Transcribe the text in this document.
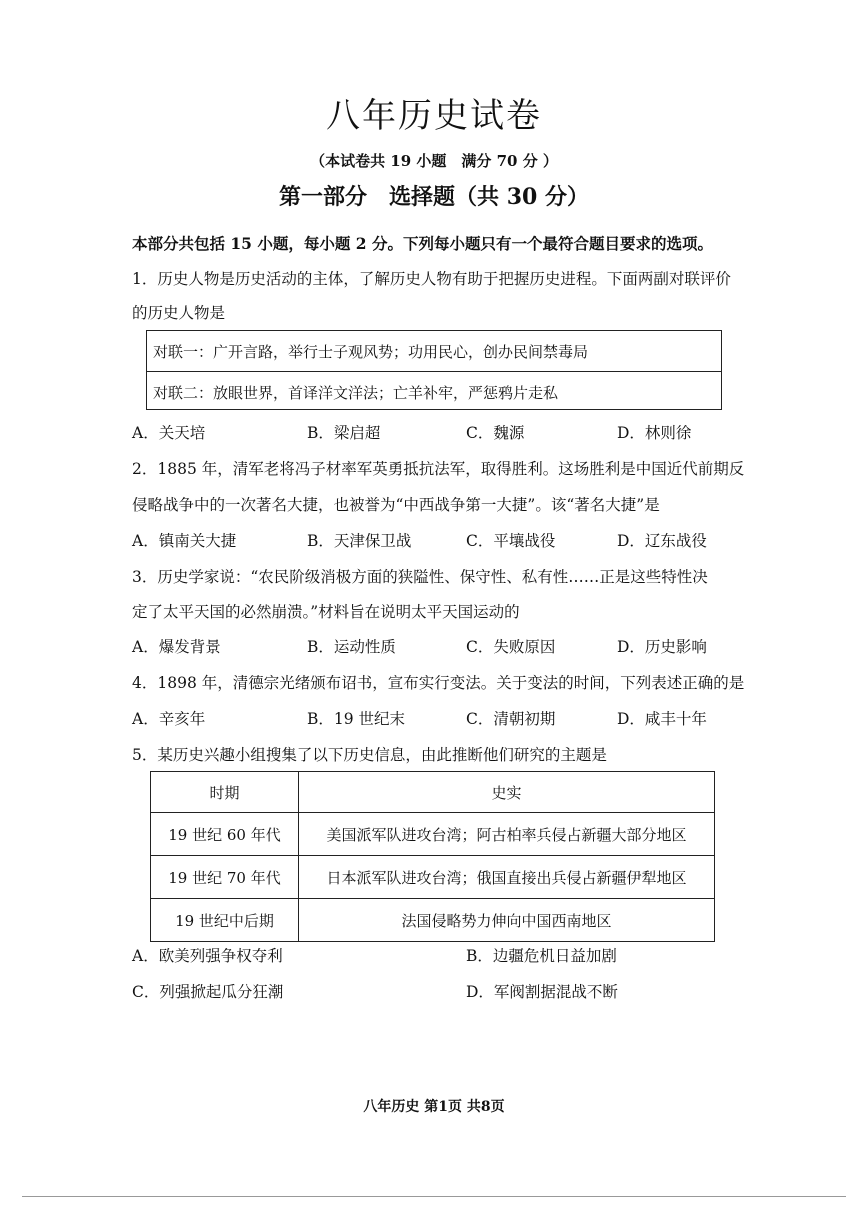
八年历史试卷
（本试卷共 19 小题　满分 70 分 ）
第一部分　选择题（共 30 分）
本部分共包括 15 小题，每小题 2 分。下列每小题只有一个最符合题目要求的选项。
1．历史人物是历史活动的主体，了解历史人物有助于把握历史进程。下面两副对联评价
的历史人物是
对联一：广开言路，举行士子观风势；功用民心，创办民间禁毒局
对联二：放眼世界，首译洋文洋法；亡羊补牢，严惩鸦片走私
A．关天培	B．梁启超	C．魏源	D．林则徐
2．1885 年，清军老将冯子材率军英勇抵抗法军，取得胜利。这场胜利是中国近代前期反
侵略战争中的一次著名大捷，也被誉为“中西战争第一大捷”。该“著名大捷”是
A．镇南关大捷	B．天津保卫战	C．平壤战役	D．辽东战役
3．历史学家说：“农民阶级消极方面的狭隘性、保守性、私有性……正是这些特性决
定了太平天国的必然崩溃。”材料旨在说明太平天国运动的
A．爆发背景	B．运动性质	C．失败原因	D．历史影响
4．1898 年，清德宗光绪颁布诏书，宣布实行变法。关于变法的时间，下列表述正确的是
A．辛亥年	B．19 世纪末	C．清朝初期	D．咸丰十年
5．某历史兴趣小组搜集了以下历史信息，由此推断他们研究的主题是
时期	史实
19 世纪 60 年代	美国派军队进攻台湾；阿古柏率兵侵占新疆大部分地区
19 世纪 70 年代	日本派军队进攻台湾；俄国直接出兵侵占新疆伊犁地区
19 世纪中后期	法国侵略势力伸向中国西南地区
A．欧美列强争权夺利	B．边疆危机日益加剧
C．列强掀起瓜分狂潮	D．军阀割据混战不断
八年历史 第1页 共8页
